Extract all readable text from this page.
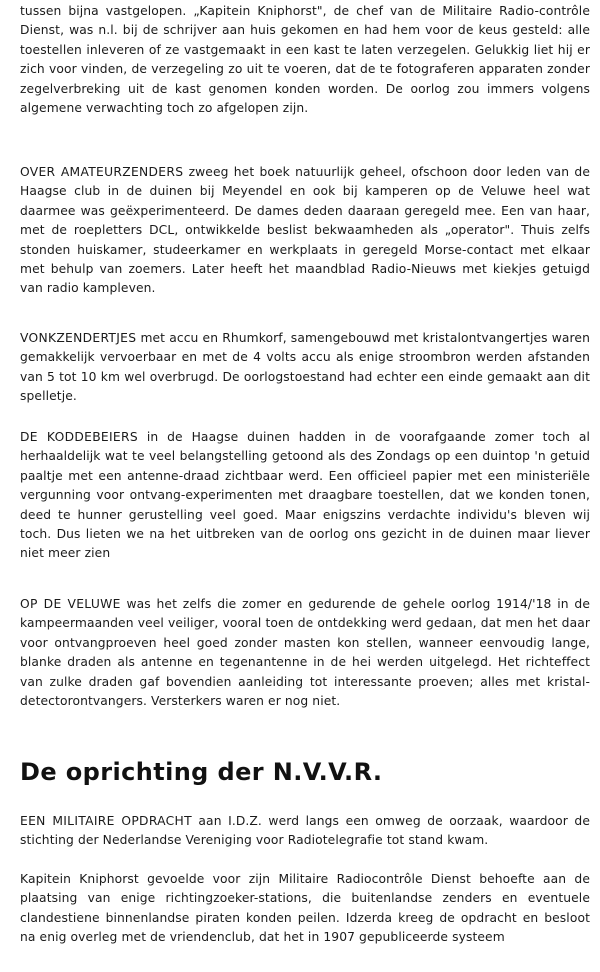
tussen bijna vastgelopen. „Kapitein Kniphorst", de chef van de Militaire Radio-contrôle Dienst, was n.l. bij de schrijver aan huis gekomen en had hem voor de keus gesteld: alle toestellen inleveren of ze vastgemaakt in een kast te laten verzegelen. Gelukkig liet hij er zich voor vinden, de verzegeling zo uit te voeren, dat de te fotograferen apparaten zonder zegelverbreking uit de kast genomen konden worden. De oorlog zou immers volgens algemene verwachting toch zo afgelopen zijn.

OVER AMATEURZENDERS zweeg het boek natuurlijk geheel, ofschoon door leden van de Haagse club in de duinen bij Meyendel en ook bij kamperen op de Veluwe heel wat daarmee was geëxperimenteerd. De dames deden daaraan geregeld mee. Een van haar, met de roepletters DCL, ontwikkelde beslist bekwaamheden als „operator". Thuis zelfs stonden huiskamer, studeerkamer en werkplaats in geregeld Morse-contact met elkaar met behulp van zoemers. Later heeft het maandblad Radio-Nieuws met kiekjes getuigd van radio kampleven.

VONKZENDERTJES met accu en Rhumkorf, samengebouwd met kristalontvangertjes waren gemakkelijk vervoerbaar en met de 4 volts accu als enige stroombron werden afstanden van 5 tot 10 km wel overbrugd. De oorlogstoestand had echter een einde gemaakt aan dit spelletje.

DE KODDEBEIERS in de Haagse duinen hadden in de voorafgaande zomer toch al herhaaldelijk wat te veel belangstelling getoond als des Zondags op een duintop 'n getuid paaltje met een antenne-draad zichtbaar werd. Een officieel papier met een ministeriële vergunning voor ontvang-experimenten met draagbare toestellen, dat we konden tonen, deed te hunner gerustelling veel goed. Maar enigszins verdachte individu's bleven wij toch. Dus lieten we na het uitbreken van de oorlog ons gezicht in de duinen maar liever niet meer zien

OP DE VELUWE was het zelfs die zomer en gedurende de gehele oorlog 1914/'18 in de kampeermaanden veel veiliger, vooral toen de ontdekking werd gedaan, dat men het daar voor ontvangproeven heel goed zonder masten kon stellen, wanneer eenvoudig lange, blanke draden als antenne en tegenantenne in de hei werden uitgelegd. Het richteffect van zulke draden gaf bovendien aanleiding tot interessante proeven; alles met kristal-detectorontvangers. Versterkers waren er nog niet.

De oprichting der N.V.V.R.

EEN MILITAIRE OPDRACHT aan I.D.Z. werd langs een omweg de oorzaak, waardoor de stichting der Nederlandse Vereniging voor Radiotelegrafie tot stand kwam.

Kapitein Kniphorst gevoelde voor zijn Militaire Radiocontrôle Dienst behoefte aan de plaatsing van enige richtingzoeker-stations, die buitenlandse zenders en eventuele clandestiene binnenlandse piraten konden peilen. Idzerda kreeg de opdracht en besloot na enig overleg met de vriendenclub, dat het in 1907 gepubliceerde systeem
